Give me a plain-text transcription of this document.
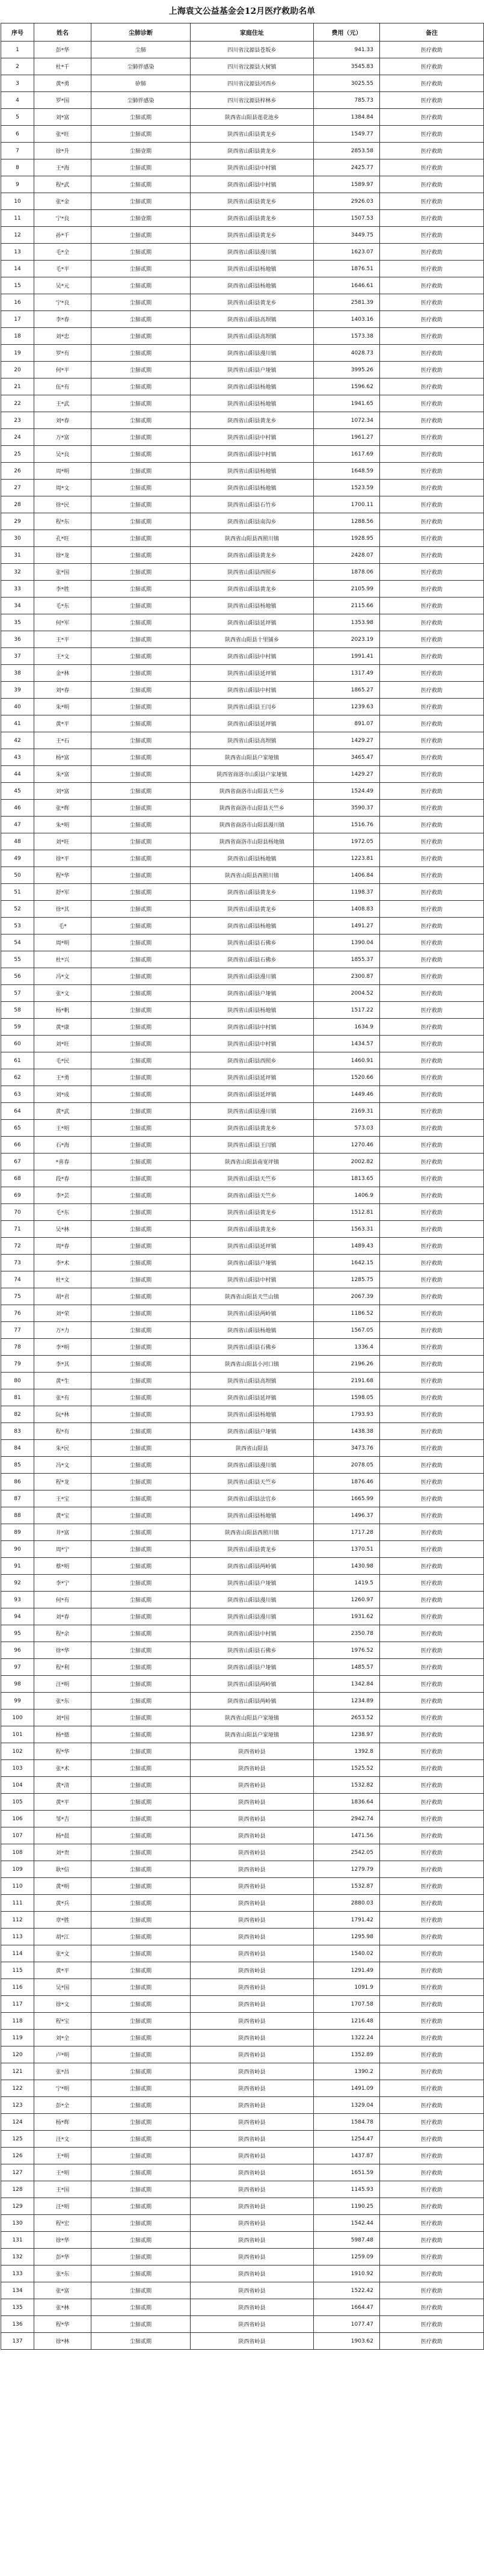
上海袁文公益基金会12月医疗救助名单
序号	姓名	尘肺诊断	家庭住址	费用（元）	备注
1	彭*华	尘肺	四川省汶源县苍坂乡	941.33	医疗救助
2	杜*千	尘肺伴感染	四川省汶源县大树镇	3545.83	医疗救助
3	黄*勇	矽肺	四川省汶源县河西乡	3025.55	医疗救助
4	罗*国	尘肺伴感染	四川省汶源县梓林乡	785.73	医疗救助
5	刘*富	尘肺贰期	陕西省山阳县莲花池乡	1384.84	医疗救助
6	张*旺	尘肺贰期	陕西省山阳县黄龙乡	1549.77	医疗救助
7	徐*升	尘肺壹期	陕西省山阳县黄龙乡	2853.58	医疗救助
8	王*海	尘肺贰期	陕西省山阳县中村镇	2425.77	医疗救助
9	程*武	尘肺贰期	陕西省山阳县中村镇	1589.97	医疗救助
10	张*金	尘肺贰期	陕西省山阳县黄龙乡	2926.03	医疗救助
11	宁*良	尘肺壹期	陕西省山阳县黄龙乡	1507.53	医疗救助
12	孙*千	尘肺贰期	陕西省山阳县黄龙乡	3449.75	医疗救助
13	毛*全	尘肺贰期	陕西省山阳县漫川镇	1623.07	医疗救助
14	毛*平	尘肺贰期	陕西省山阳县杨地镇	1876.51	医疗救助
15	吴*元	尘肺贰期	陕西省山阳县杨地镇	1646.61	医疗救助
16	宁*良	尘肺贰期	陕西省山阳县黄龙乡	2581.39	医疗救助
17	李*春	尘肺贰期	陕西省山阳县高坝镇	1403.16	医疗救助
18	刘*忠	尘肺贰期	陕西省山阳县高坝镇	1573.38	医疗救助
19	罗*有	尘肺贰期	陕西省山阳县漫川镇	4028.73	医疗救助
20	何*平	尘肺贰期	陕西省山阳县户垭镇	3995.26	医疗救助
21	伍*有	尘肺贰期	陕西省山阳县杨地镇	1596.62	医疗救助
22	王*武	尘肺贰期	陕西省山阳县杨地镇	1941.65	医疗救助
23	刘*春	尘肺贰期	陕西省山阳县黄龙乡	1072.34	医疗救助
24	万*富	尘肺贰期	陕西省山阳县中村镇	1961.27	医疗救助
25	吴*良	尘肺贰期	陕西省山阳县中村镇	1617.69	医疗救助
26	周*明	尘肺贰期	陕西省山阳县杨地镇	1648.59	医疗救助
27	周*文	尘肺贰期	陕西省山阳县杨地镇	1523.59	医疗救助
28	徐*民	尘肺贰期	陕西省山阳县石竹乡	1700.11	医疗救助
29	程*东	尘肺贰期	陕西省山阳县南沟乡	1288.56	医疗救助
30	孔*旺	尘肺贰期	陕西省山阳县西照川镇	1928.95	医疗救助
31	徐*龙	尘肺贰期	陕西省山阳县黄龙乡	2428.07	医疗救助
32	张*国	尘肺贰期	陕西省山阳县西照乡	1878.06	医疗救助
33	李*胜	尘肺贰期	陕西省山阳县黄龙乡	2105.99	医疗救助
34	毛*东	尘肺贰期	陕西省山阳县杨地镇	2115.66	医疗救助
35	何*军	尘肺贰期	陕西省山阳县延坪镇	1353.98	医疗救助
36	王*平	尘肺贰期	陕西省山阳县十里铺乡	2023.19	医疗救助
37	王*文	尘肺贰期	陕西省山阳县中村镇	1991.41	医疗救助
38	金*林	尘肺贰期	陕西省山阳县延坪镇	1317.49	医疗救助
39	刘*春	尘肺贰期	陕西省山阳县中村镇	1865.27	医疗救助
40	朱*明	尘肺贰期	陕西省山阳县王闫乡	1239.63	医疗救助
41	黄*平	尘肺贰期	陕西省山阳县延坪镇	891.07	医疗救助
42	王*石	尘肺贰期	陕西省山阳县高坝镇	1429.27	医疗救助
43	杨*富	尘肺贰期	陕西省山阳县户家垭镇	3465.47	医疗救助
44	朱*富	尘肺贰期	陕西省商洛市山阳县户家垭镇	1429.27	医疗救助
45	刘*富	尘肺贰期	陕西省商洛市山阳县天竺乡	1524.49	医疗救助
46	张*辉	尘肺贰期	陕西省商洛市山阳县天竺乡	3590.37	医疗救助
47	朱*明	尘肺贰期	陕西省商洛市山阳县漫川镇	1516.76	医疗救助
48	刘*旺	尘肺贰期	陕西省商洛市山阳县杨地镇	1972.05	医疗救助
49	徐*平	尘肺贰期	陕西省山阳县杨地镇	1223.81	医疗救助
50	程*华	尘肺贰期	陕西省山阳县西照川镇	1406.84	医疗救助
51	舒*军	尘肺贰期	陕西省山阳县黄龙乡	1198.37	医疗救助
52	徐*其	尘肺贰期	陕西省山阳县黄龙乡	1408.83	医疗救助
53	毛*	尘肺贰期	陕西省山阳县杨地镇	1491.27	医疗救助
54	周*明	尘肺贰期	陕西省山阳县石佛乡	1390.04	医疗救助
55	杜*兴	尘肺贰期	陕西省山阳县石佛乡	1855.37	医疗救助
56	冯*文	尘肺贰期	陕西省山阳县漫川镇	2300.87	医疗救助
57	张*文	尘肺贰期	陕西省山阳县户垭镇	2004.52	医疗救助
58	杨*帆	尘肺贰期	陕西省山阳县杨地镇	1517.22	医疗救助
59	黄*康	尘肺贰期	陕西省山阳县中村镇	1634.9	医疗救助
60	刘*旺	尘肺贰期	陕西省山阳县中村镇	1434.57	医疗救助
61	毛*民	尘肺贰期	陕西省山阳县西照乡	1460.91	医疗救助
62	王*勇	尘肺贰期	陕西省山阳县延坪镇	1520.66	医疗救助
63	刘*成	尘肺贰期	陕西省山阳县延坪镇	1449.46	医疗救助
64	黄*武	尘肺贰期	陕西省山阳县漫川镇	2169.31	医疗救助
65	王*明	尘肺贰期	陕西省山阳县黄龙乡	573.03	医疗救助
66	石*海	尘肺贰期	陕西省山阳县王闫镇	1270.46	医疗救助
67	*喜春	尘肺贰期	陕西省山阳县南宽坪镇	2002.82	医疗救助
68	段*春	尘肺贰期	陕西省山阳县天竺乡	1813.65	医疗救助
69	李*芸	尘肺贰期	陕西省山阳县天竺乡	1406.9	医疗救助
70	毛*东	尘肺贰期	陕西省山阳县黄龙乡	1512.81	医疗救助
71	吴*林	尘肺贰期	陕西省山阳县黄龙乡	1563.31	医疗救助
72	周*春	尘肺贰期	陕西省山阳县延坪镇	1489.43	医疗救助
73	李*术	尘肺贰期	陕西省山阳县户垭镇	1642.15	医疗救助
74	杜*文	尘肺贰期	陕西省山阳县中村镇	1285.75	医疗救助
75	胡*君	尘肺贰期	陕西省山阳县天竺山镇	2067.39	医疗救助
76	刘*荣	尘肺贰期	陕西省山阳县两岭镇	1186.52	医疗救助
77	万*力	尘肺贰期	陕西省山阳县杨地镇	1567.05	医疗救助
78	李*明	尘肺贰期	陕西省山阳县石佛乡	1336.4	医疗救助
79	李*其	尘肺贰期	陕西省山阳县小河口镇	2196.26	医疗救助
80	黄*生	尘肺贰期	陕西省山阳县高坝镇	2191.68	医疗救助
81	张*有	尘肺贰期	陕西省山阳县延坪镇	1598.05	医疗救助
82	阮*林	尘肺贰期	陕西省山阳县杨地镇	1793.93	医疗救助
83	程*有	尘肺贰期	陕西省山阳县户垭镇	1438.38	医疗救助
84	朱*民	尘肺贰期	陕西省山阳县	3473.76	医疗救助
85	冯*文	尘肺贰期	陕西省山阳县漫川镇	2078.05	医疗救助
86	程*龙	尘肺贰期	陕西省山阳县天竺乡	1876.46	医疗救助
87	王*宝	尘肺贰期	陕西省山阳县法官乡	1665.99	医疗救助
88	黄*宝	尘肺贰期	陕西省山阳县杨地镇	1496.37	医疗救助
89	井*富	尘肺贰期	陕西省山阳县西照川镇	1717.28	医疗救助
90	周*宁	尘肺贰期	陕西省山阳县黄龙乡	1370.51	医疗救助
91	蔡*明	尘肺贰期	陕西省山阳县两岭镇	1430.98	医疗救助
92	李*宁	尘肺贰期	陕西省山阳县户垭镇	1419.5	医疗救助
93	何*有	尘肺贰期	陕西省山阳县漫川镇	1260.97	医疗救助
94	刘*春	尘肺贰期	陕西省山阳县漫川镇	1931.62	医疗救助
95	程*余	尘肺贰期	陕西省山阳县中村镇	2350.78	医疗救助
96	徐*华	尘肺贰期	陕西省山阳县石佛乡	1976.52	医疗救助
97	程*利	尘肺贰期	陕西省山阳县户垭镇	1485.57	医疗救助
98	汪*明	尘肺贰期	陕西省山阳县两岭镇	1342.84	医疗救助
99	张*东	尘肺贰期	陕西省山阳县两岭镇	1234.89	医疗救助
100	刘*国	尘肺贰期	陕西省山阳县户家垭镇	2653.52	医疗救助
101	杨*德	尘肺贰期	陕西省山阳县户家垭镇	1238.97	医疗救助
102	程*华	尘肺贰期	陕西省岭县	1392.8	医疗救助
103	张*术	尘肺贰期	陕西省岭县	1525.52	医疗救助
104	黄*清	尘肺贰期	陕西省岭县	1532.82	医疗救助
105	黄*平	尘肺贰期	陕西省岭县	1836.64	医疗救助
106	邹*吉	尘肺贰期	陕西省岭县	2942.74	医疗救助
107	杨*晨	尘肺贰期	陕西省岭县	1471.56	医疗救助
108	刘*贵	尘肺贰期	陕西省岭县	2542.05	医疗救助
109	耿*信	尘肺贰期	陕西省岭县	1279.79	医疗救助
110	黄*明	尘肺贰期	陕西省岭县	1532.87	医疗救助
111	黄*兵	尘肺贰期	陕西省岭县	2880.03	医疗救助
112	章*胜	尘肺贰期	陕西省岭县	1791.42	医疗救助
113	胡*江	尘肺贰期	陕西省岭县	1295.98	医疗救助
114	张*文	尘肺贰期	陕西省岭县	1540.02	医疗救助
115	黄*平	尘肺贰期	陕西省岭县	1291.49	医疗救助
116	吴*国	尘肺贰期	陕西省岭县	1091.9	医疗救助
117	徐*文	尘肺贰期	陕西省岭县	1707.58	医疗救助
118	程*宝	尘肺贰期	陕西省岭县	1216.48	医疗救助
119	刘*全	尘肺贰期	陕西省岭县	1322.24	医疗救助
120	卢*明	尘肺贰期	陕西省岭县	1352.89	医疗救助
121	张*昌	尘肺贰期	陕西省岭县	1390.2	医疗救助
122	宁*明	尘肺贰期	陕西省岭县	1491.09	医疗救助
123	彭*全	尘肺贰期	陕西省岭县	1329.04	医疗救助
124	杨*辉	尘肺贰期	陕西省岭县	1584.78	医疗救助
125	汪*文	尘肺贰期	陕西省岭县	1254.47	医疗救助
126	王*明	尘肺贰期	陕西省岭县	1437.87	医疗救助
127	王*明	尘肺贰期	陕西省岭县	1651.59	医疗救助
128	王*国	尘肺贰期	陕西省岭县	1145.93	医疗救助
129	汪*明	尘肺贰期	陕西省岭县	1190.25	医疗救助
130	程*宏	尘肺贰期	陕西省岭县	1542.44	医疗救助
131	徐*华	尘肺贰期	陕西省岭县	5987.48	医疗救助
132	彭*华	尘肺贰期	陕西省岭县	1259.09	医疗救助
133	张*东	尘肺贰期	陕西省岭县	1910.92	医疗救助
134	张*富	尘肺贰期	陕西省岭县	1522.42	医疗救助
135	张*林	尘肺贰期	陕西省岭县	1664.47	医疗救助
136	程*华	尘肺贰期	陕西省岭县	1077.47	医疗救助
137	徐*林	尘肺贰期	陕西省岭县	1903.62	医疗救助
